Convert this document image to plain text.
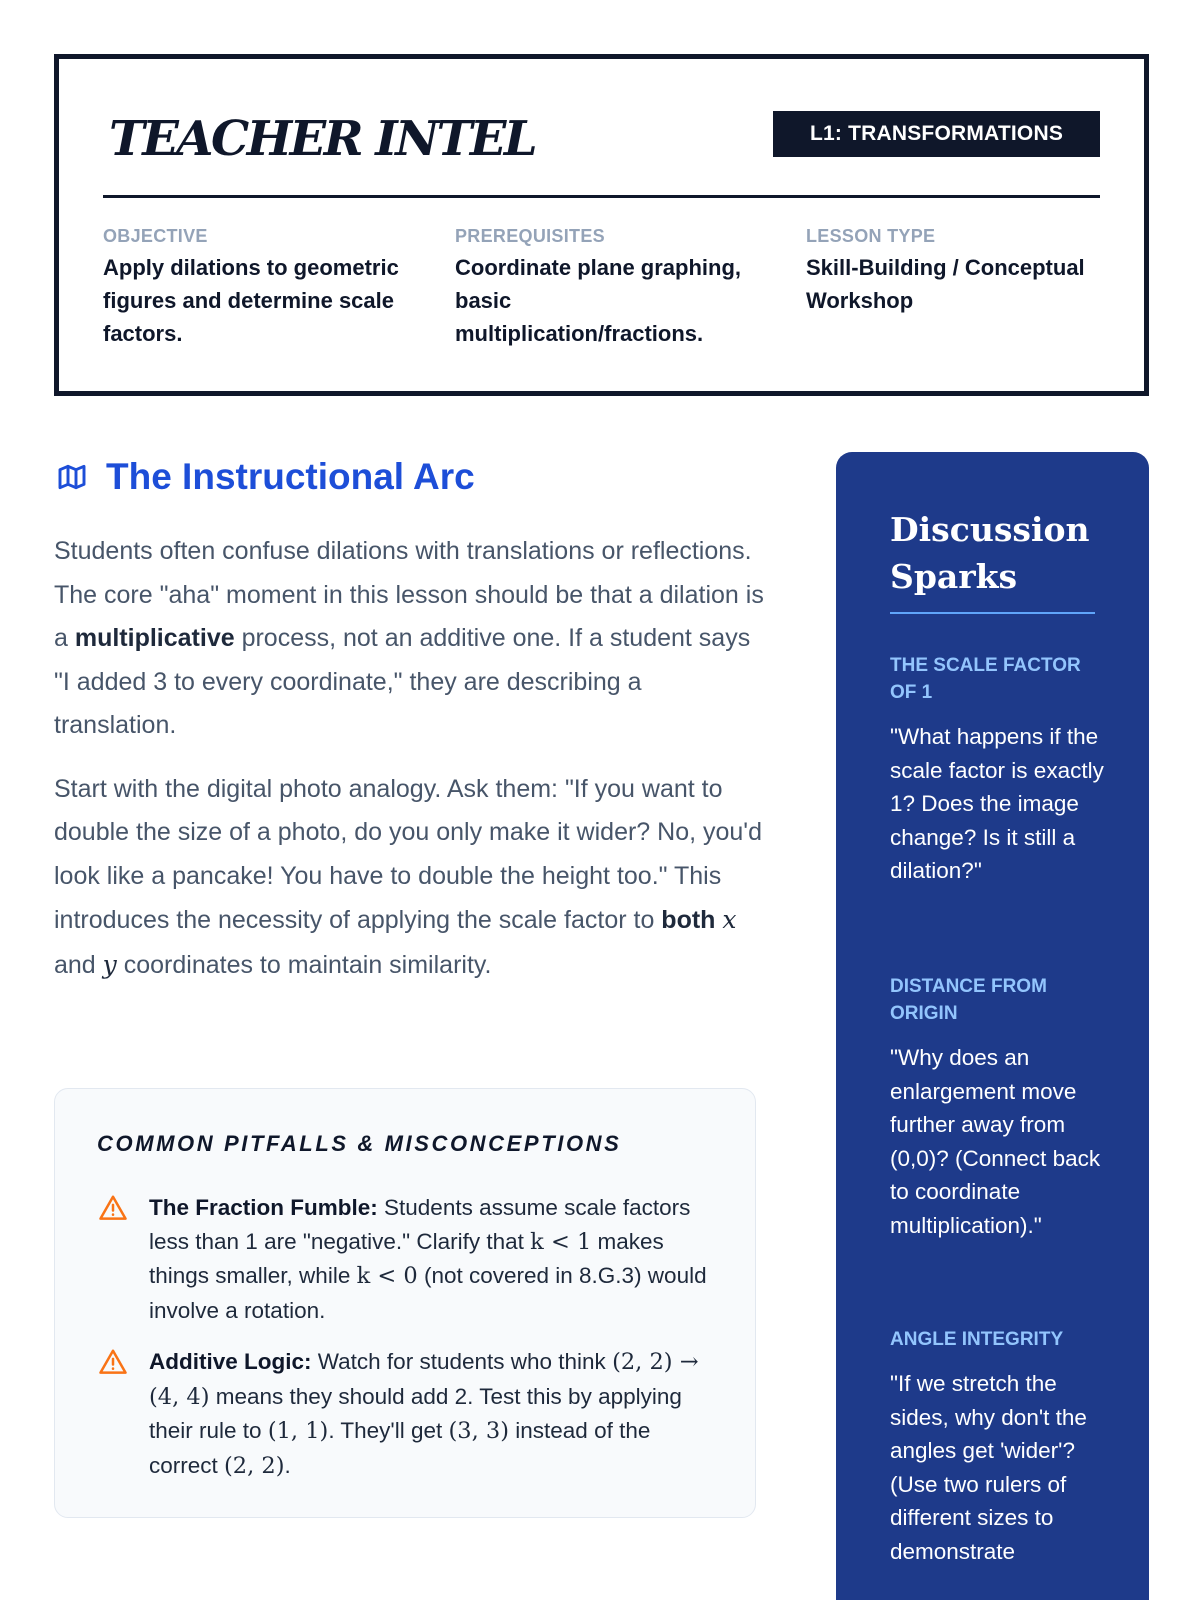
TEACHER INTEL	L1: TRANSFORMATIONS
OBJECTIVE
Apply dilations to geometric figures and determine scale factors.
PREREQUISITES
Coordinate plane graphing, basic multiplication/fractions.
LESSON TYPE
Skill-Building / Conceptual Workshop
The Instructional Arc

Students often confuse dilations with translations or reflections. The core "aha" moment in this lesson should be that a dilation is a multiplicative process, not an additive one. If a student says "I added 3 to every coordinate," they are describing a translation.

Start with the digital photo analogy. Ask them: "If you want to double the size of a photo, do you only make it wider? No, you'd look like a pancake! You have to double the height too." This introduces the necessity of applying the scale factor to both x and y coordinates to maintain similarity.

COMMON PITFALLS & MISCONCEPTIONS
The Fraction Fumble: Students assume scale factors less than 1 are "negative." Clarify that k < 1 makes things smaller, while k < 0 (not covered in 8.G.3) would involve a rotation.
Additive Logic: Watch for students who think (2, 2) → (4, 4) means they should add 2. Test this by applying their rule to (1, 1). They'll get (3, 3) instead of the correct (2, 2).
Discussion Sparks
THE SCALE FACTOR OF 1
"What happens if the scale factor is exactly 1? Does the image change? Is it still a dilation?"
DISTANCE FROM ORIGIN
"Why does an enlargement move further away from (0,0)? (Connect back to coordinate multiplication)."
ANGLE INTEGRITY
"If we stretch the sides, why don't the angles get 'wider'? (Use two rulers of different sizes to demonstrate
